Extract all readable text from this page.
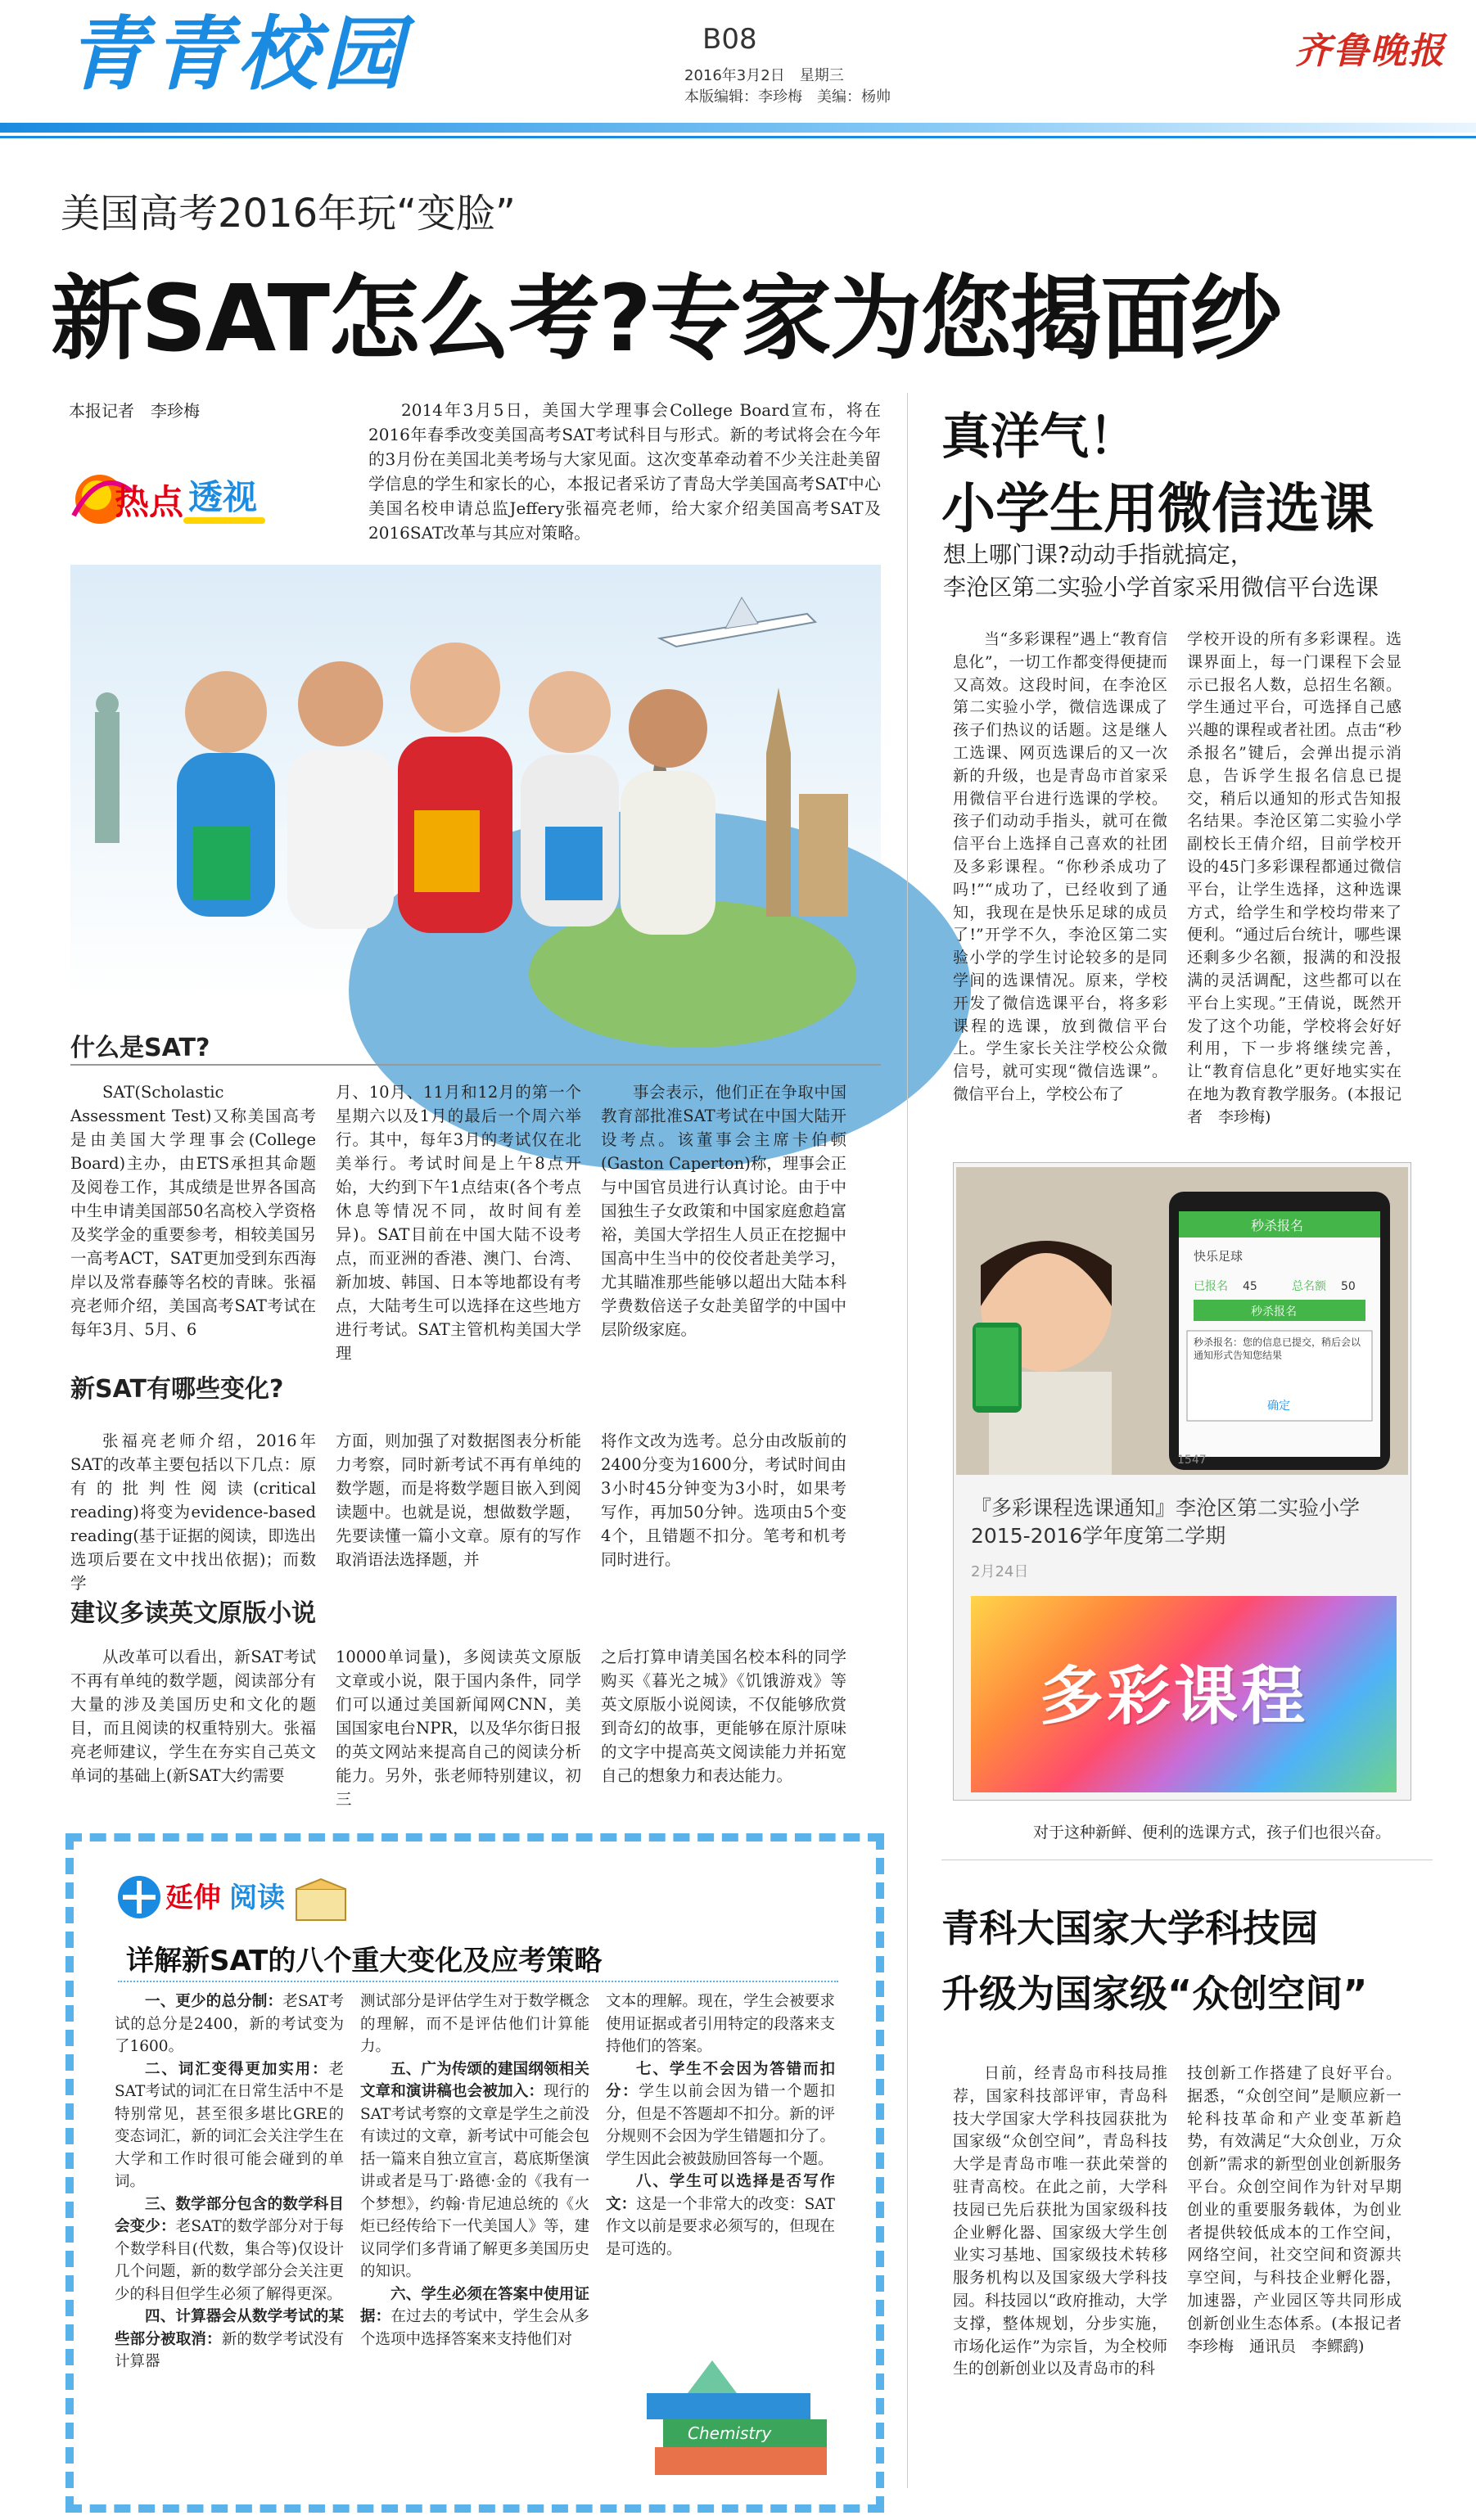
青青校园	B08
2016年3月2日　星期三
本版编辑：李珍梅　美编：杨帅
齐鲁晚报
美国高考2016年玩“变脸”
新SAT怎么考?专家为您揭面纱
本报记者　李珍梅
热点 透视
2014年3月5日，美国大学理事会College Board宣布，将在2016年春季改变美国高考SAT考试科目与形式。新的考试将会在今年的3月份在美国北美考场与大家见面。这次变革牵动着不少关注赴美留学信息的学生和家长的心，本报记者采访了青岛大学美国高考SAT中心美国名校申请总监Jeffery张福亮老师，给大家介绍美国高考SAT及2016SAT改革与其应对策略。
什么是SAT?
SAT(Scholastic Assessment Test)又称美国高考是由美国大学理事会(College Board)主办，由ETS承担其命题及阅卷工作，其成绩是世界各国高中生申请美国部50名高校入学资格及奖学金的重要参考，相较美国另一高考ACT，SAT更加受到东西海岸以及常春藤等名校的青睐。张福亮老师介绍，美国高考SAT考试在每年3月、5月、6
月、10月、11月和12月的第一个星期六以及1月的最后一个周六举行。其中，每年3月的考试仅在北美举行。考试时间是上午8点开始，大约到下午1点结束(各个考点休息等情况不同，故时间有差异)。SAT目前在中国大陆不设考点，而亚洲的香港、澳门、台湾、新加坡、韩国、日本等地都设有考点，大陆考生可以选择在这些地方进行考试。SAT主管机构美国大学理
事会表示，他们正在争取中国教育部批准SAT考试在中国大陆开设考点。该董事会主席卡伯顿(Gaston Caperton)称，理事会正与中国官员进行认真讨论。由于中国独生子女政策和中国家庭愈趋富裕，美国大学招生人员正在挖掘中国高中生当中的佼佼者赴美学习，尤其瞄准那些能够以超出大陆本科学费数倍送子女赴美留学的中国中层阶级家庭。
新SAT有哪些变化?
张福亮老师介绍，2016年SAT的改革主要包括以下几点：原有的批判性阅读(critical reading)将变为evidence-based reading(基于证据的阅读，即选出选项后要在文中找出依据)；而数学
方面，则加强了对数据图表分析能力考察，同时新考试不再有单纯的数学题，而是将数学题目嵌入到阅读题中。也就是说，想做数学题，先要读懂一篇小文章。原有的写作取消语法选择题，并
将作文改为选考。总分由改版前的2400分变为1600分，考试时间由3小时45分钟变为3小时，如果考写作，再加50分钟。选项由5个变4个，且错题不扣分。笔考和机考同时进行。
建议多读英文原版小说
从改革可以看出，新SAT考试不再有单纯的数学题，阅读部分有大量的涉及美国历史和文化的题目，而且阅读的权重特别大。张福亮老师建议，学生在夯实自己英文单词的基础上(新SAT大约需要
10000单词量)，多阅读英文原版文章或小说，限于国内条件，同学们可以通过美国新闻网CNN，美国国家电台NPR，以及华尔街日报的英文网站来提高自己的阅读分析能力。另外，张老师特别建议，初三
之后打算申请美国名校本科的同学购买《暮光之城》《饥饿游戏》等英文原版小说阅读，不仅能够欣赏到奇幻的故事，更能够在原汁原味的文字中提高英文阅读能力并拓宽自己的想象力和表达能力。
延伸 阅读
详解新SAT的八个重大变化及应考策略

一、更少的总分制：老SAT考试的总分是2400，新的考试变为了1600。

二、词汇变得更加实用：老SAT考试的词汇在日常生活中不是特别常见，甚至很多堪比GRE的变态词汇，新的词汇会关注学生在大学和工作时很可能会碰到的单词。

三、数学部分包含的数学科目会变少：老SAT的数学部分对于每个数学科目(代数，集合等)仅设计几个问题，新的数学部分会关注更少的科目但学生必须了解得更深。

四、计算器会从数学考试的某些部分被取消：新的数学考试没有计算器

测试部分是评估学生对于数学概念的理解，而不是评估他们计算能力。

五、广为传颂的建国纲领相关文章和演讲稿也会被加入：现行的SAT考试考察的文章是学生之前没有读过的文章，新考试中可能会包括一篇来自独立宣言，葛底斯堡演讲或者是马丁·路德·金的《我有一个梦想》，约翰·肯尼迪总统的《火炬已经传给下一代美国人》等，建议同学们多背诵了解更多美国历史的知识。

六、学生必须在答案中使用证据：在过去的考试中，学生会从多个选项中选择答案来支持他们对

文本的理解。现在，学生会被要求使用证据或者引用特定的段落来支持他们的答案。

七、学生不会因为答错而扣分：学生以前会因为错一个题扣分，但是不答题却不扣分。新的评分规则不会因为学生错题扣分了。学生因此会被鼓励回答每一个题。

八、学生可以选择是否写作文：这是一个非常大的改变：SAT作文以前是要求必须写的，但现在是可选的。

Chemistry
真洋气！
小学生用微信选课
想上哪门课?动动手指就搞定，
李沧区第二实验小学首家采用微信平台选课
当“多彩课程”遇上“教育信息化”，一切工作都变得便捷而又高效。这段时间，在李沧区第二实验小学，微信选课成了孩子们热议的话题。这是继人工选课、网页选课后的又一次新的升级，也是青岛市首家采用微信平台进行选课的学校。孩子们动动手指头，就可在微信平台上选择自己喜欢的社团及多彩课程。“你秒杀成功了吗!”“成功了，已经收到了通知，我现在是快乐足球的成员了!”开学不久，李沧区第二实验小学的学生讨论较多的是同学间的选课情况。原来，学校开发了微信选课平台，将多彩课程的选课，放到微信平台上。学生家长关注学校公众微信号，就可实现“微信选课”。微信平台上，学校公布了
学校开设的所有多彩课程。选课界面上，每一门课程下会显示已报名人数，总招生名额。学生通过平台，可选择自己感兴趣的课程或者社团。点击“秒杀报名”键后，会弹出提示消息，告诉学生报名信息已提交，稍后以通知的形式告知报名结果。李沧区第二实验小学副校长王倩介绍，目前学校开设的45门多彩课程都通过微信平台，让学生选择，这种选课方式，给学生和学校均带来了便利。“通过后台统计，哪些课还剩多少名额，报满的和没报满的灵活调配，这些都可以在平台上实现。”王倩说，既然开发了这个功能，学校将会好好利用，下一步将继续完善，让“教育信息化”更好地实实在在地为教育教学服务。(本报记者　李珍梅)
秒杀报名
快乐足球
已报名 45	总名额 50
秒杀报名
秒杀报名：您的信息已提交，稍后会以通知形式告知您结果
确定
1547
『多彩课程选课通知』李沧区第二实验小学2015-2016学年度第二学期
2月24日
多彩课程
对于这种新鲜、便利的选课方式，孩子们也很兴奋。
青科大国家大学科技园
升级为国家级“众创空间”
日前，经青岛市科技局推荐，国家科技部评审，青岛科技大学国家大学科技园获批为国家级“众创空间”，青岛科技大学是青岛市唯一获此荣誉的驻青高校。在此之前，大学科技园已先后获批为国家级科技企业孵化器、国家级大学生创业实习基地、国家级技术转移服务机构以及国家级大学科技园。科技园以“政府推动，大学支撑，整体规划，分步实施，市场化运作”为宗旨，为全校师生的创新创业以及青岛市的科
技创新工作搭建了良好平台。据悉，“众创空间”是顺应新一轮科技革命和产业变革新趋势，有效满足“大众创业，万众创新”需求的新型创业创新服务平台。众创空间作为针对早期创业的重要服务载体，为创业者提供较低成本的工作空间，网络空间，社交空间和资源共享空间，与科技企业孵化器，加速器，产业园区等共同形成创新创业生态体系。(本报记者　李珍梅　通讯员　李鳏鹞)
